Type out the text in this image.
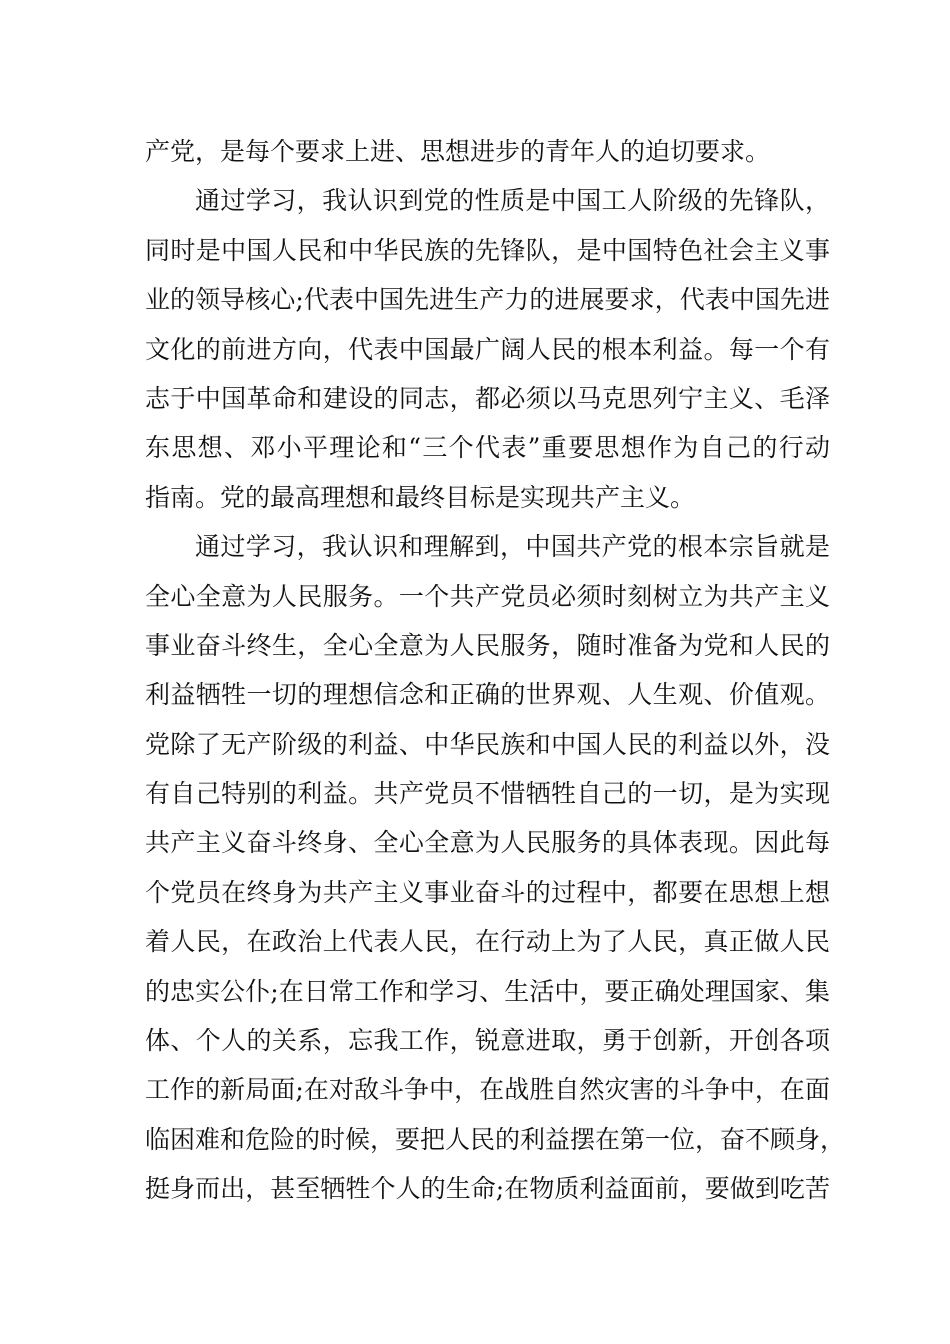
产党，是每个要求上进、思想进步的青年人的迫切要求。
通过学习，我认识到党的性质是中国工人阶级的先锋队，
同时是中国人民和中华民族的先锋队，是中国特色社会主义事
业的领导核心;代表中国先进生产力的进展要求，代表中国先进
文化的前进方向，代表中国最广阔人民的根本利益。每一个有
志于中国革命和建设的同志，都必须以马克思列宁主义、毛泽
东思想、邓小平理论和“三个代表”重要思想作为自己的行动
指南。党的最高理想和最终目标是实现共产主义。
通过学习，我认识和理解到，中国共产党的根本宗旨就是
全心全意为人民服务。一个共产党员必须时刻树立为共产主义
事业奋斗终生，全心全意为人民服务，随时准备为党和人民的
利益牺牲一切的理想信念和正确的世界观、人生观、价值观。
党除了无产阶级的利益、中华民族和中国人民的利益以外，没
有自己特别的利益。共产党员不惜牺牲自己的一切，是为实现
共产主义奋斗终身、全心全意为人民服务的具体表现。因此每
个党员在终身为共产主义事业奋斗的过程中，都要在思想上想
着人民，在政治上代表人民，在行动上为了人民，真正做人民
的忠实公仆;在日常工作和学习、生活中，要正确处理国家、集
体、个人的关系，忘我工作，锐意进取，勇于创新，开创各项
工作的新局面;在对敌斗争中，在战胜自然灾害的斗争中，在面
临困难和危险的时候，要把人民的利益摆在第一位，奋不顾身，
挺身而出，甚至牺牲个人的生命;在物质利益面前，要做到吃苦
